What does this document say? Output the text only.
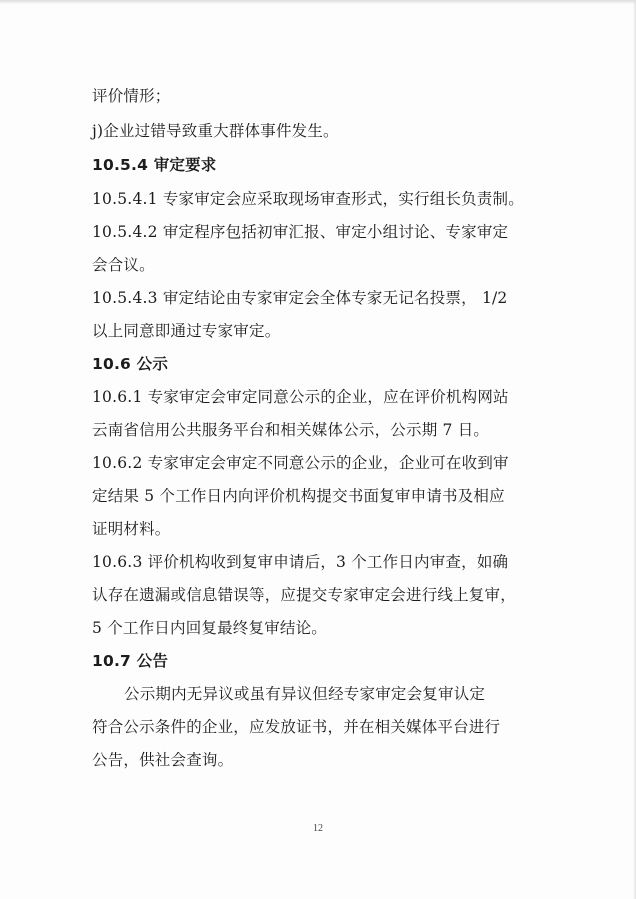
评价情形；
j)企业过错导致重大群体事件发生。
10.5.4 审定要求
10.5.4.1 专家审定会应采取现场审查形式，实行组长负责制。
10.5.4.2 审定程序包括初审汇报、审定小组讨论、专家审定
会合议。
10.5.4.3 审定结论由专家审定会全体专家无记名投票， 1/2
以上同意即通过专家审定。
10.6 公示
10.6.1 专家审定会审定同意公示的企业，应在评价机构网站
云南省信用公共服务平台和相关媒体公示，公示期 7 日。
10.6.2 专家审定会审定不同意公示的企业，企业可在收到审
定结果 5 个工作日内向评价机构提交书面复审申请书及相应
证明材料。
10.6.3 评价机构收到复审申请后，3 个工作日内审查，如确
认存在遗漏或信息错误等，应提交专家审定会进行线上复审，
5 个工作日内回复最终复审结论。
10.7 公告
公示期内无异议或虽有异议但经专家审定会复审认定
符合公示条件的企业，应发放证书，并在相关媒体平台进行
公告，供社会查询。
12
